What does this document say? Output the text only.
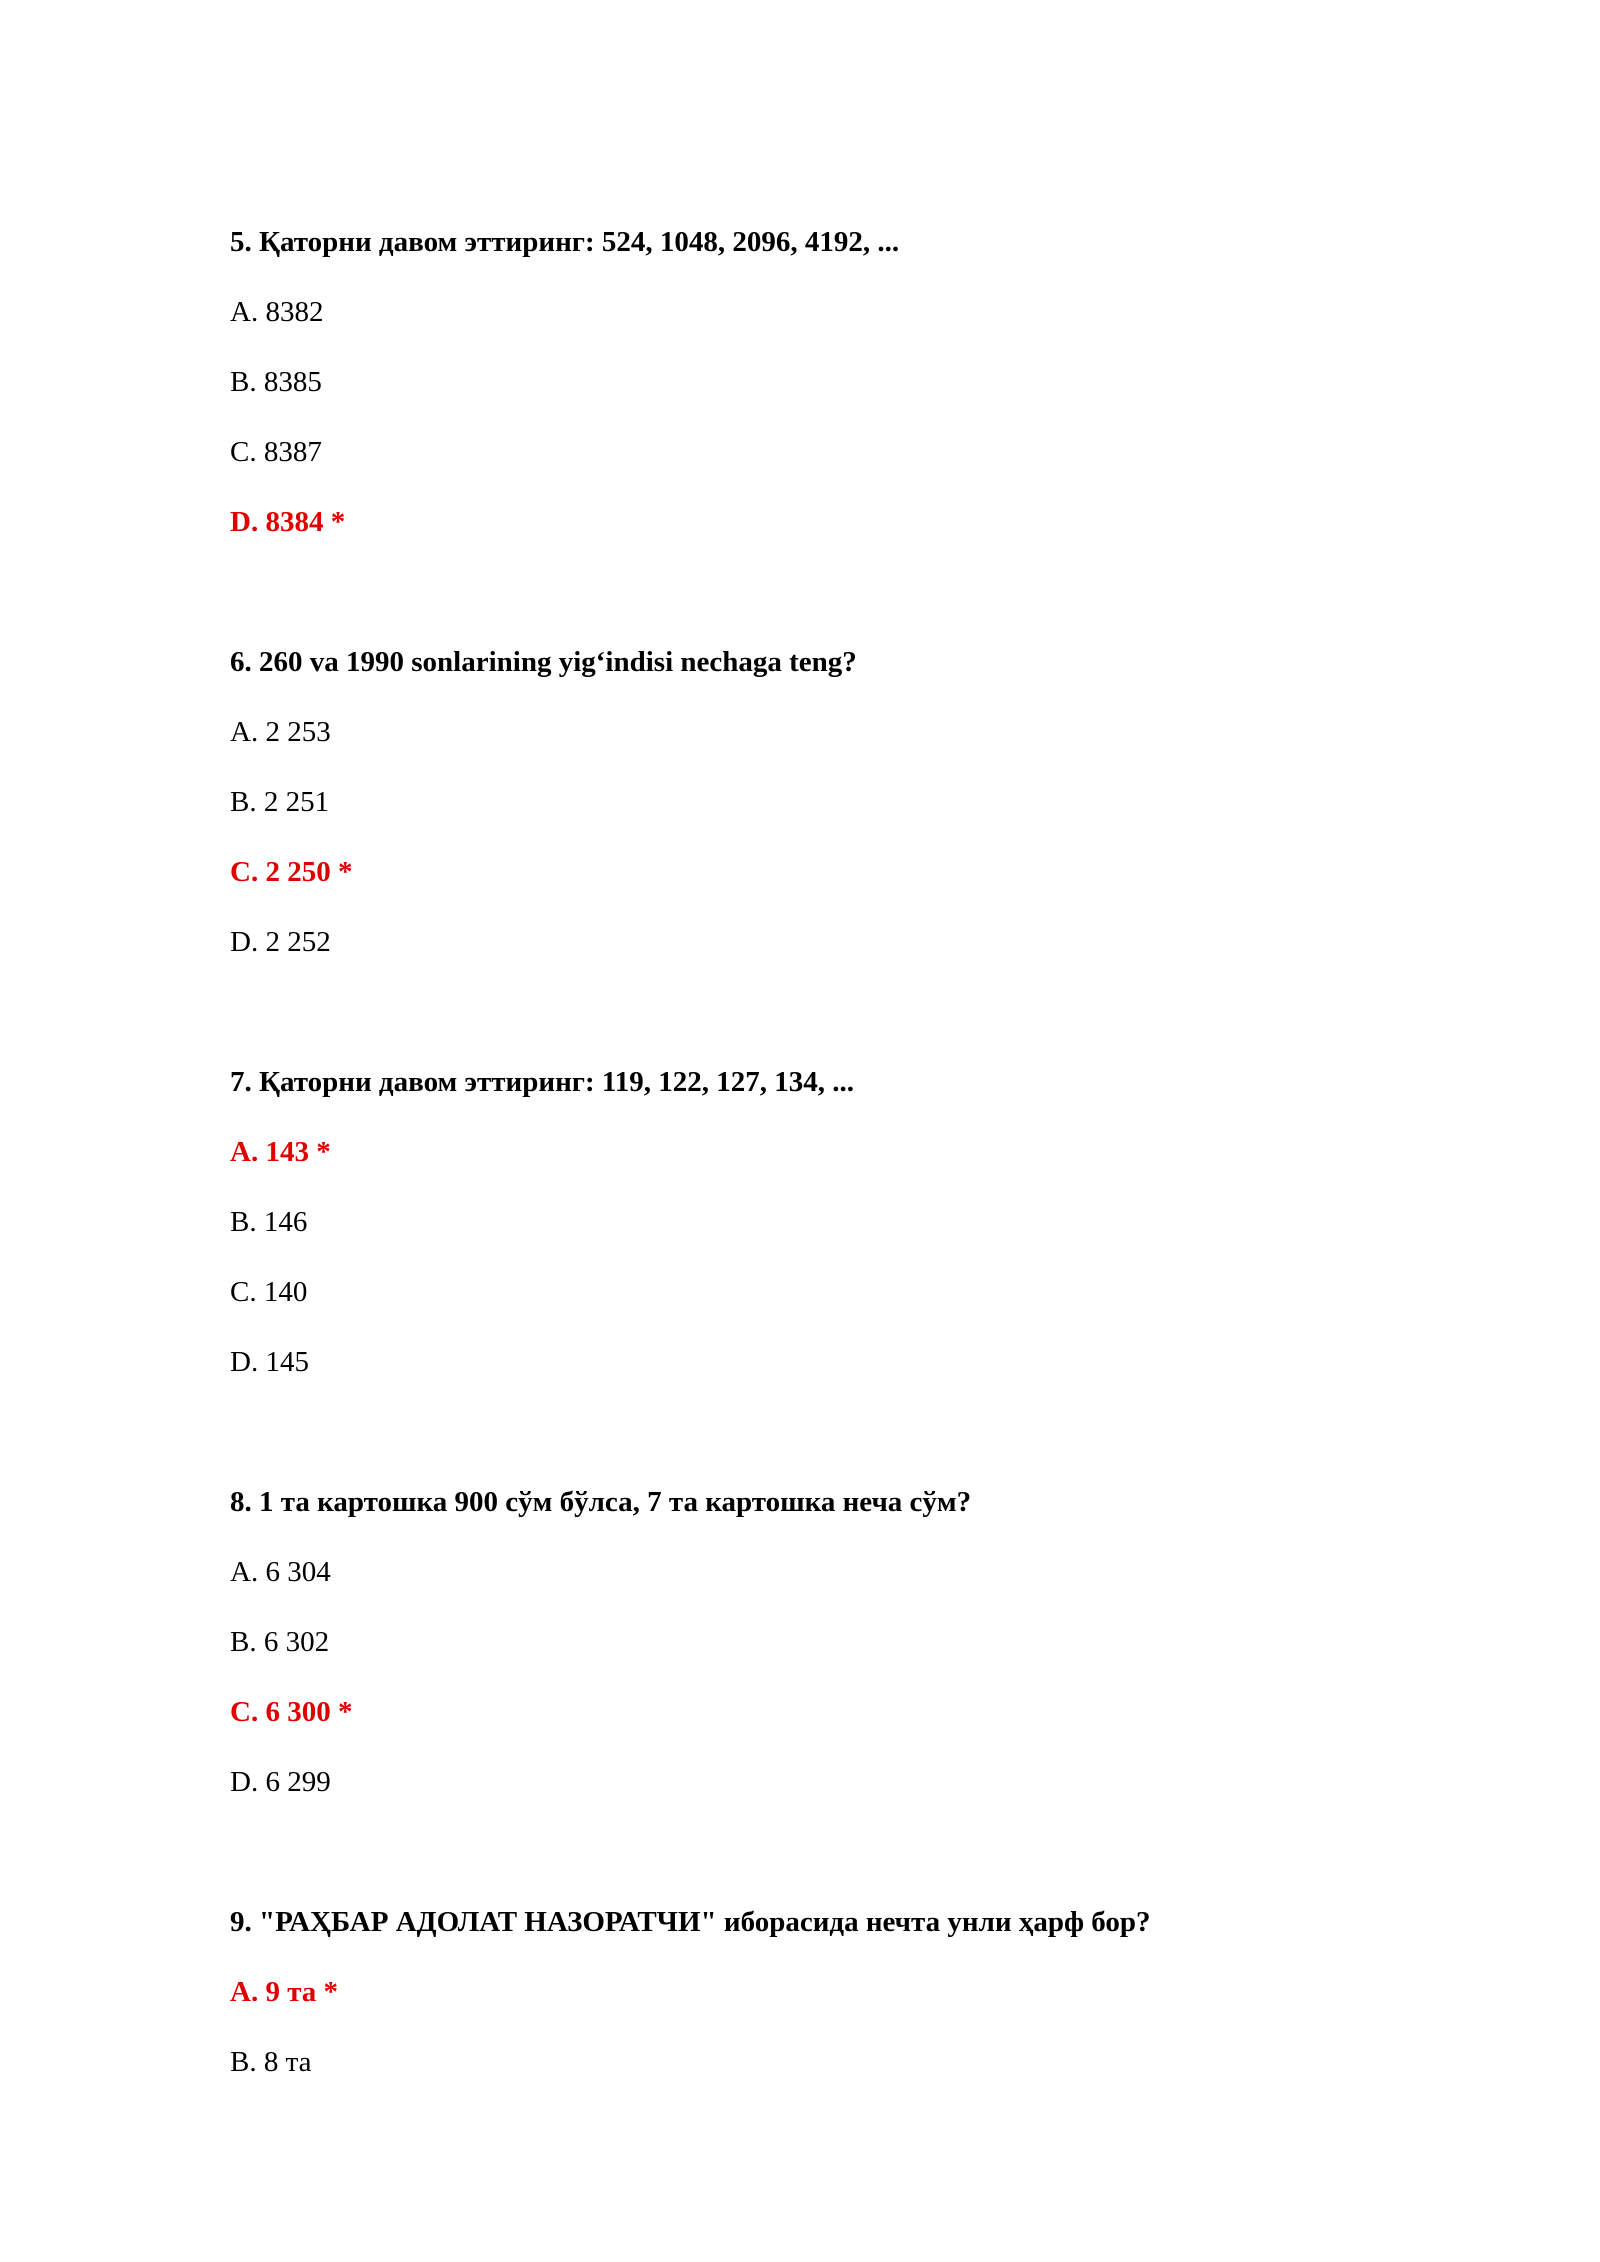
5. Қаторни давом эттиринг: 524, 1048, 2096, 4192, ...
A. 8382
B. 8385
C. 8387
D. 8384 *
6. 260 va 1990 sonlarining yig‘indisi nechaga teng?
A. 2 253
B. 2 251
C. 2 250 *
D. 2 252
7. Қаторни давом эттиринг: 119, 122, 127, 134, ...
A. 143 *
B. 146
C. 140
D. 145
8. 1 та картошка 900 сўм бўлса, 7 та картошка неча сўм?
A. 6 304
B. 6 302
C. 6 300 *
D. 6 299
9. "РАҲБАР АДОЛАТ НАЗОРАТЧИ" иборасида нечта унли ҳарф бор?
A. 9 та *
B. 8 та
